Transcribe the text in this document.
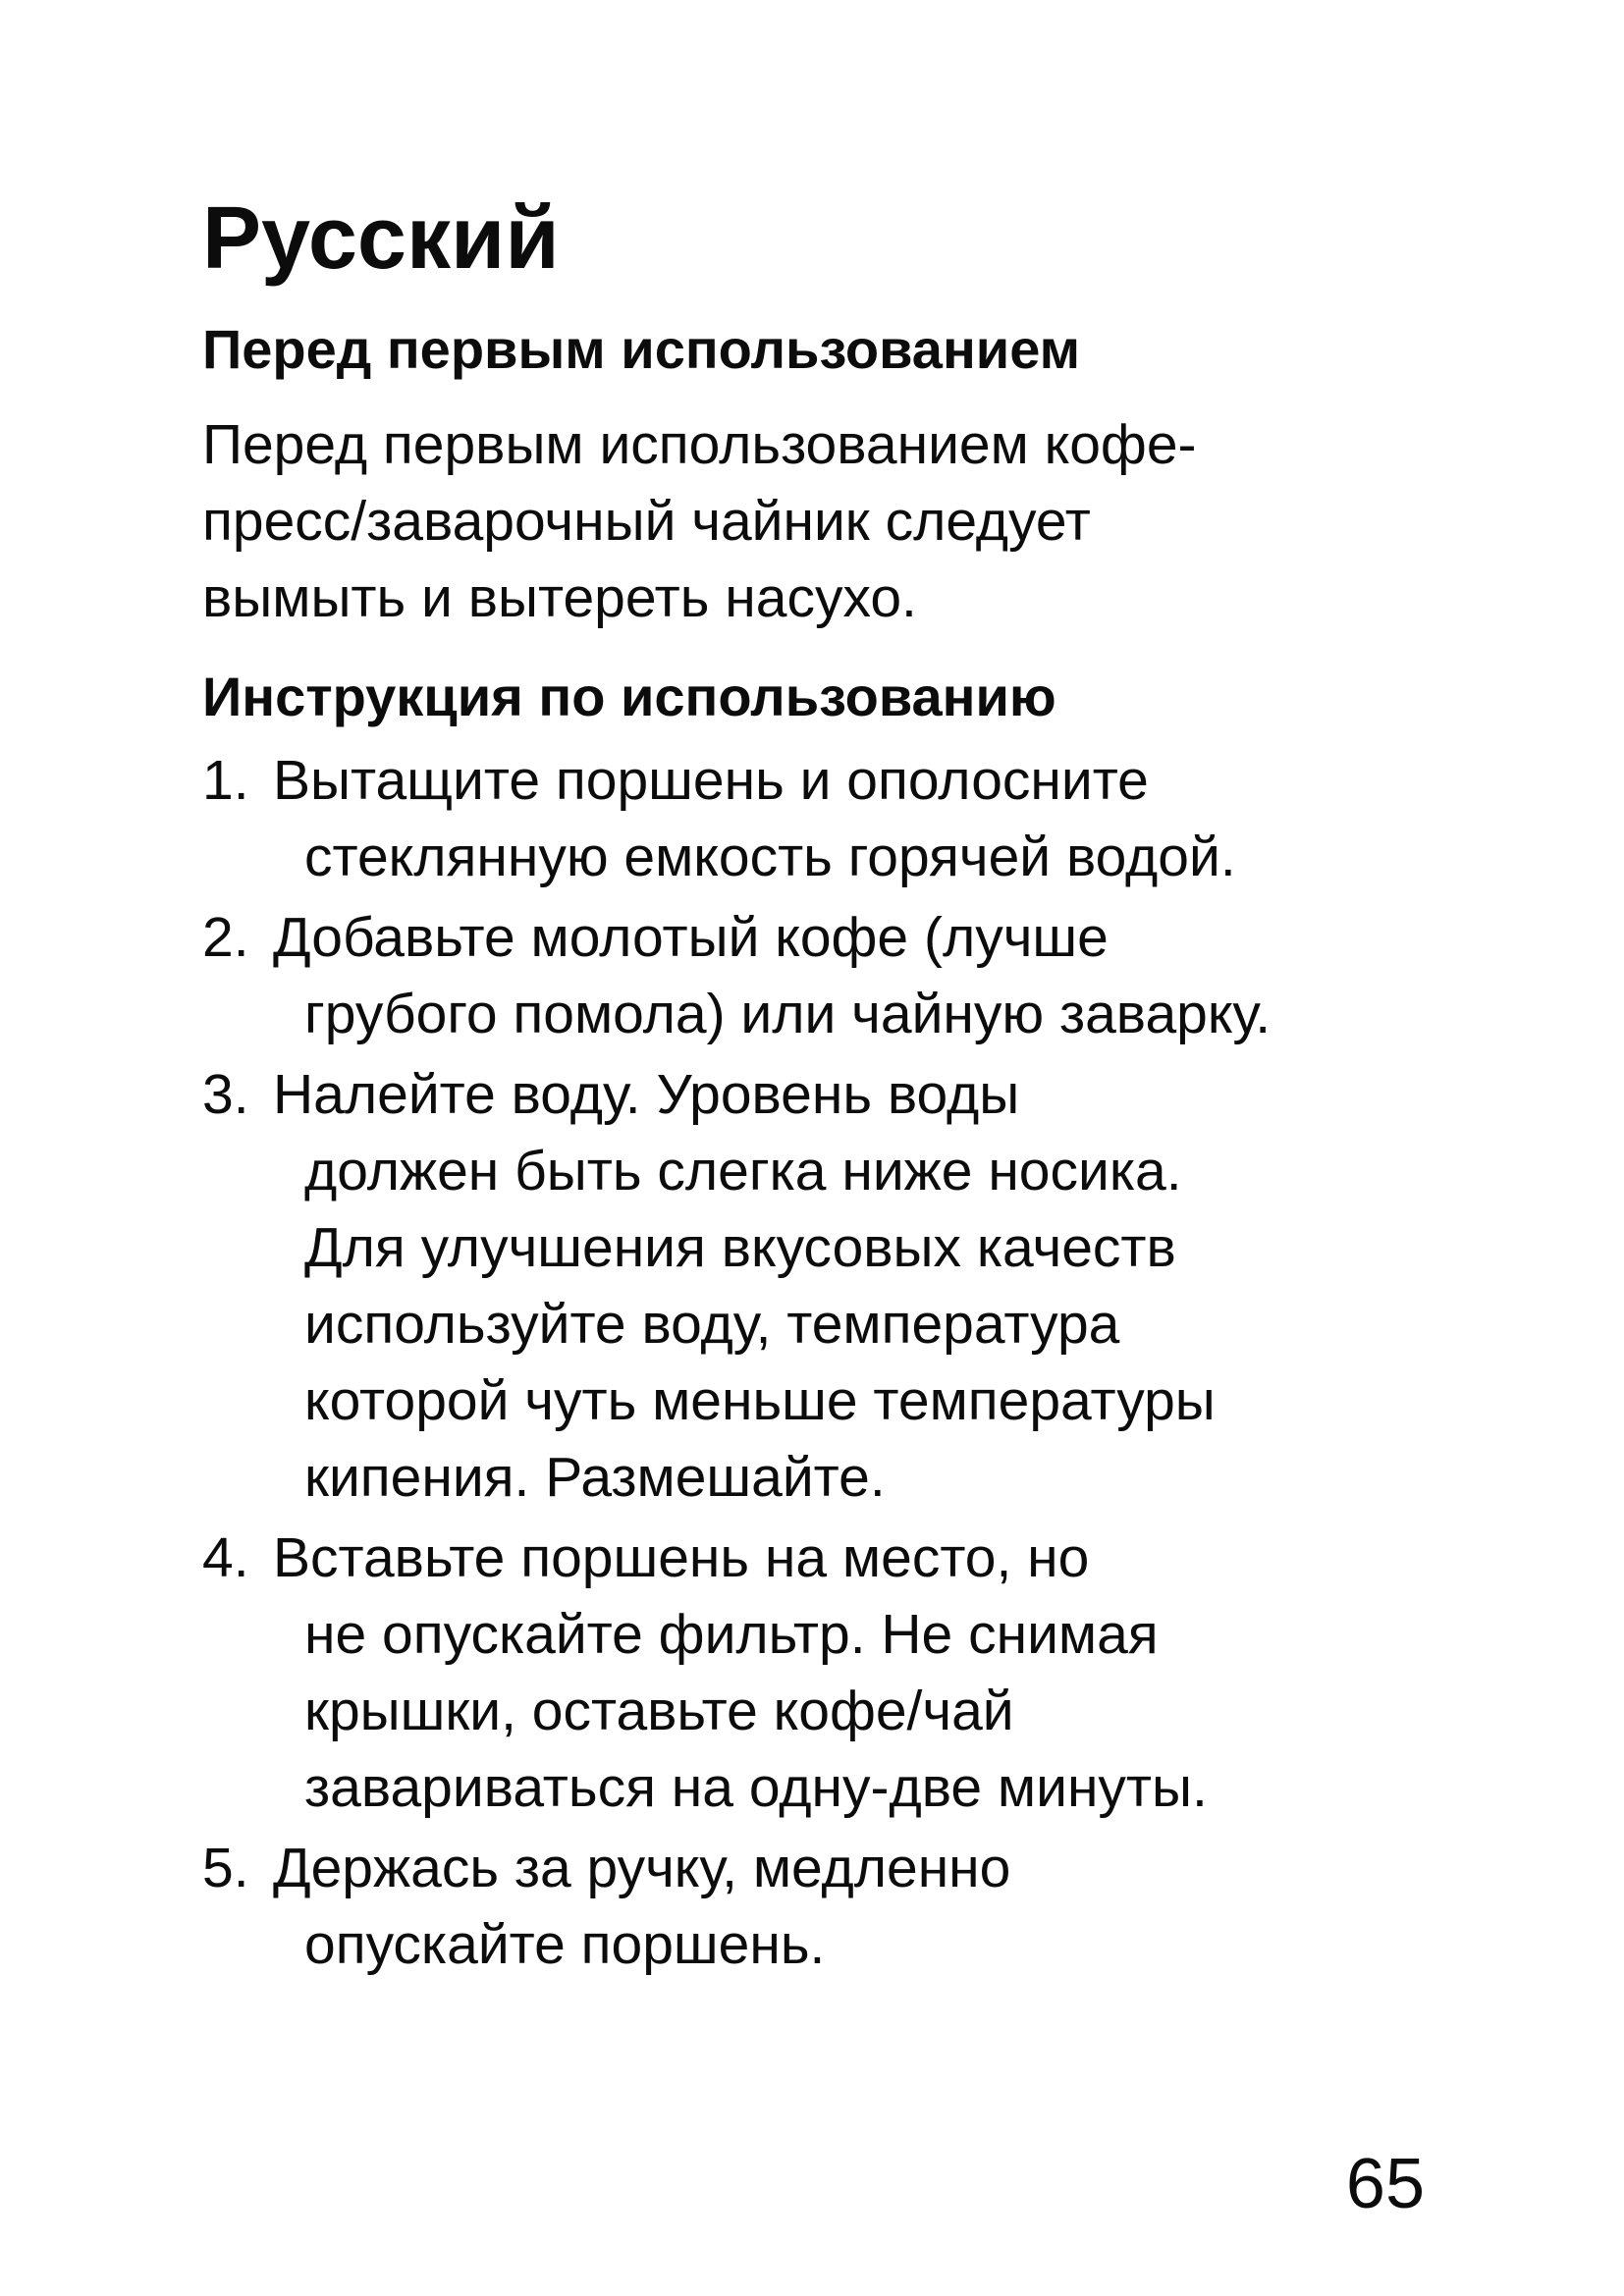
Русский
Перед первым использованием

Перед первым использованием кофе-
пресс/заварочный чайник следует
вымыть и вытереть насухо.

Инструкция по использованию
1. Вытащите поршень и ополосните
стеклянную емкость горячей водой.
2. Добавьте молотый кофе (лучше
грубого помола) или чайную заварку.
3. Налейте воду. Уровень воды
должен быть слегка ниже носика.
Для улучшения вкусовых качеств
используйте воду, температура
которой чуть меньше температуры
кипения. Размешайте.
4. Вставьте поршень на место, но
не опускайте фильтр. Не снимая
крышки, оставьте кофе/чай
завариваться на одну-две минуты.
5. Держась за ручку, медленно
опускайте поршень.
65
